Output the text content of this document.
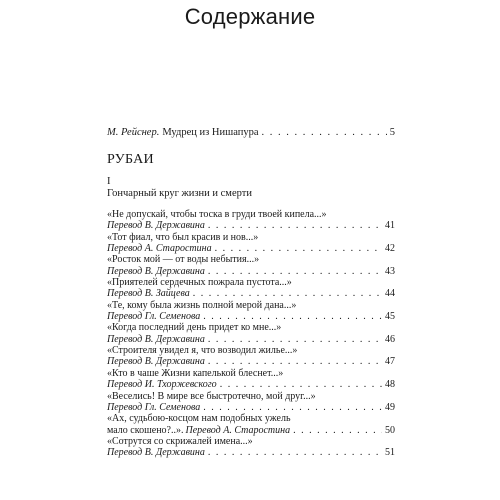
Содержание
М. Рейснер. Мудрец из Нишапура . . .	5
РУБАИ
I
Гончарный круг жизни и смерти
«Не допускай, чтобы тоска в груди твоей кипела...»
Перевод В. Державина . . .	41
«Тот фиал, что был красив и нов...»
Перевод А. Старостина . . .	42
«Росток мой — от воды небытия...»
Перевод В. Державина . . .	43
«Приятелей сердечных пожрала пустота...»
Перевод В. Зайцева . . .	44
«Те, кому была жизнь полной мерой дана...»
Перевод Гл. Семенова . . .	45
«Когда последний день придет ко мне...»
Перевод В. Державина . . .	46
«Строителя увидел я, что возводил жилье...»
Перевод В. Державина . . .	47
«Кто в чаше Жизни капелькой блеснет...»
Перевод И. Тхоржевского . . .	48
«Веселись! В мире все быстротечно, мой друг...»
Перевод Гл. Семенова . . .	49
«Ах, судьбою-косцом нам подобных ужель
мало скошено?..». Перевод А. Старостина . . .	50
«Сотрутся со скрижалей имена...»
Перевод В. Державина . . .	51
